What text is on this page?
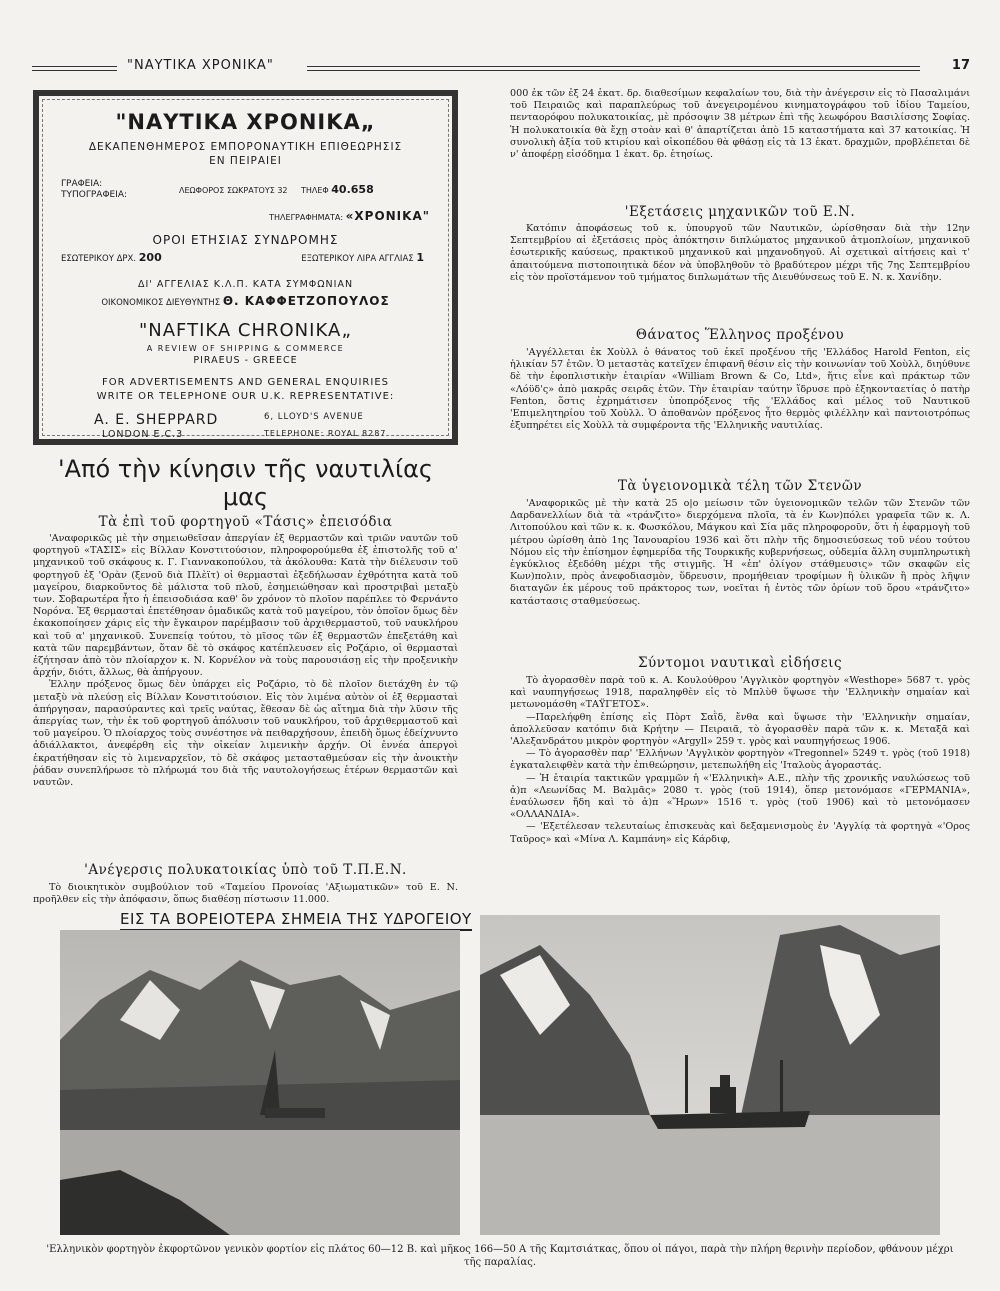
"ΝΑΥΤΙΚΑ ΧΡΟΝΙΚΑ"	17
"ΝΑΥΤΙΚΑ ΧΡΟΝΙΚΑ„
ΔΕΚΑΠΕΝΘΗΜΕΡΟΣ ΕΜΠΟΡΟΝΑΥΤΙΚΗ ΕΠΙΘΕΩΡΗΣΙΣ
ΕΝ ΠΕΙΡΑΙΕΙ
ΓΡΑΦΕΙΑ:
ΤΥΠΟΓΡΑΦΕΙΑ:	ΛΕΩΦΟΡΟΣ ΣΩΚΡΑΤΟΥΣ 32 ΤΗΛΕΦ 40.658
ΤΗΛΕΓΡΑΦΗΜΑΤΑ: «ΧΡΟΝΙΚΑ"
ΟΡΟΙ ΕΤΗΣΙΑΣ ΣΥΝΔΡΟΜΗΣ
ΕΣΩΤΕΡΙΚΟΥ ΔΡΧ. 200	ΕΞΩΤΕΡΙΚΟΥ ΛΙΡΑ ΑΓΓΛΙΑΣ 1
ΔΙ' ΑΓΓΕΛΙΑΣ Κ.Λ.Π. ΚΑΤΑ ΣΥΜΦΩΝΙΑΝ
ΟΙΚΟΝΟΜΙΚΟΣ ΔΙΕΥΘΥΝΤΗΣ Θ. ΚΑΦΦΕΤΖΟΠΟΥΛΟΣ
"NAFTIKA CHRONIKA„
A REVIEW OF SHIPPING & COMMERCE
PIRAEUS - GREECE
FOR ADVERTISEMENTS AND GENERAL ENQUIRIES
WRITE OR TELEPHONE OUR U.K. REPRESENTATIVE:
A. E. SHEPPARD	6, LLOYD'S AVENUE
LONDON E.C.3	TELEPHONE: ROYAL 8287
'Από τὴν κίνησιν τῆς ναυτιλίας μας
Τὰ ἐπὶ τοῦ φορτηγοῦ «Τάσις» ἐπεισόδια

'Αναφορικῶς μὲ τὴν σημειωθεῖσαν ἀπεργίαν ἐξ θερμαστῶν καὶ τριῶν ναυτῶν τοῦ φορτηγοῦ «ΤΑΣΙΣ» εἰς Βίλλαν Κονστιτούσιον, πληροφορούμεθα ἐξ ἐπιστολῆς τοῦ α' μηχανικοῦ τοῦ σκάφους κ. Γ. Γιαννακοπούλου, τὰ ἀκόλουθα: Κατὰ τὴν διέλευσιν τοῦ φορτηγοῦ ἐξ 'Ορὰν (ξενοῦ διὰ Πλὲϊτ) οἱ θερμασταὶ ἐξεδήλωσαν ἐχθρότητα κατὰ τοῦ μαγείρου, διαρκοῦντος δὲ μάλιστα τοῦ πλοῦ, ἐσημειώθησαν καὶ προστριβαὶ μεταξὺ των. Σοβαρωτέρα ἦτο ἡ ἐπεισοδιάσα καθ' ὃν χρόνον τὸ πλοῖον παρέπλεε τὸ Φερνάντο Νορόνα. Ἐξ θερμασταὶ ἐπετέθησαν ὁμαδικῶς κατὰ τοῦ μαγείρου, τὸν ὁποῖον ὅμως δὲν ἐκακοποίησεν χάρις εἰς τὴν ἔγκαιρον παρέμβασιν τοῦ ἀρχιθερμαστοῦ, τοῦ ναυκλήρου καὶ τοῦ α' μηχανικοῦ. Συνεπείᾳ τούτου, τὸ μῖσος τῶν ἐξ θερμαστῶν ἐπεξετάθη καὶ κατὰ τῶν παρεμβάντων, ὅταν δὲ τὸ σκάφος κατέπλευσεν εἰς Ροζάριο, οἱ θερμασταὶ ἐζήτησαν ἀπὸ τὸν πλοίαρχον κ. Ν. Κορνέλον νὰ τοὺς παρουσιάσῃ εἰς τὴν προξενικὴν ἀρχήν, διότι, ἄλλως, θὰ ἀπήργουν.

Ἐλλην πρόξενος ὅμως δὲν ὑπάρχει εἰς Ροζάριο, τὸ δὲ πλοῖον διετάχθη ἐν τῷ μεταξὺ νὰ πλεύσῃ εἰς Βίλλαν Κονστιτούσιον. Εἰς τὸν λιμένα αὐτὸν οἱ ἐξ θερμασταὶ ἀπήργησαν, παρασύραντες καὶ τρεῖς ναύτας, ἔθεσαν δὲ ὡς αἴτημα διὰ τὴν λῦσιν τῆς ἀπεργίας των, τὴν ἐκ τοῦ φορτηγοῦ ἀπόλυσιν τοῦ ναυκλήρου, τοῦ ἀρχιθερμαστοῦ καὶ τοῦ μαγείρου. Ὁ πλοίαρχος τοὺς συνέστησε νὰ πειθαρχήσουν, ἐπειδὴ ὅμως ἐδείχνυντο ἀδιάλλακτοι, ἀνεφέρθη εἰς τὴν οἰκείαν λιμενικὴν ἀρχήν. Οἱ ἐννέα ἀπεργοὶ ἐκρατήθησαν εἰς τὸ λιμεναρχεῖον, τὸ δὲ σκάφος μετασταθμεύσαν εἰς τὴν ἀνοικτὴν ῥάδαν συνεπλήρωσε τὸ πλήρωμά του διὰ τῆς ναυτολογήσεως ἑτέρων θερμαστῶν καὶ ναυτῶν.

'Ανέγερσις πολυκατοικίας ὑπὸ τοῦ Τ.Π.Ε.Ν.

Τὸ διοικητικὸν συμβούλιον τοῦ «Ταμείου Προνοίας 'Αξιωματικῶν» τοῦ Ε. Ν. προῆλθεν εἰς τὴν ἀπόφασιν, ὅπως διαθέσῃ πίστωσιν 11.000.

000 ἐκ τῶν ἐξ 24 ἑκατ. δρ. διαθεσίμων κεφαλαίων του, διὰ τὴν ἀνέγερσιν εἰς τὸ Πασαλιμάνι τοῦ Πειραιῶς καὶ παραπλεύρως τοῦ ἀνεγειρομένου κινηματογράφου τοῦ ἰδίου Ταμείου, πενταορόφου πολυκατοικίας, μὲ πρόσοψιν 38 μέτρων ἐπὶ τῆς λεωφόρου Βασιλίσσης Σοφίας. Ἡ πολυκατοικία θὰ ἔχῃ στοὰν καὶ θ' ἀπαρτίζεται ἀπὸ 15 καταστήματα καὶ 37 κατοικίας. Ἡ συνολικὴ ἀξία τοῦ κτιρίου καὶ οἰκοπέδου θὰ φθάσῃ εἰς τὰ 13 ἑκατ. δραχμῶν, προβλέπεται δὲ ν' ἀποφέρῃ εἰσόδημα 1 ἑκατ. δρ. ἐτησίως.

'Εξετάσεις μηχανικῶν τοῦ Ε.Ν.

Κατόπιν ἀποφάσεως τοῦ κ. ὑπουργοῦ τῶν Ναυτικῶν, ὡρίσθησαν διὰ τὴν 12ην Σεπτεμβρίου αἱ ἐξετάσεις πρὸς ἀπόκτησιν διπλώματος μηχανικοῦ ἀτμοπλοίων, μηχανικοῦ ἐσωτερικῆς καύσεως, πρακτικοῦ μηχανικοῦ καὶ μηχανοδηγοῦ. Αἱ σχετικαὶ αἰτήσεις καὶ τ' ἀπαιτούμενα πιστοποιητικὰ δέον νὰ ὑποβληθοῦν τὸ βραδύτερον μέχρι τῆς 7ης Σεπτεμβρίου εἰς τὸν προϊστάμενον τοῦ τμήματος διπλωμάτων τῆς Διευθύνσεως τοῦ Ε. Ν. κ. Χανίδην.

Θάνατος Ἕλληνος προξένου

'Αγγέλλεται ἐκ Χοὺλλ ὁ θάνατος τοῦ ἐκεῖ προξένου τῆς 'Ελλάδος Harold Fenton, εἰς ἡλικίαν 57 ἐτῶν. Ὁ μεταστὰς κατεῖχεν ἐπιφανῆ θέσιν εἰς τὴν κοινωνίαν τοῦ Χοὺλλ, διηύθυνε δὲ τὴν ἐφοπλιστικὴν ἑταιρίαν «William Brown & Co, Ltd», ἥτις εἶνε καὶ πράκτωρ τῶν «Λόϋδ'ς» ἀπὸ μακρᾶς σειρᾶς ἐτῶν. Τὴν ἑταιρίαν ταύτην ἵδρυσε πρὸ ἑξηκονταετίας ὁ πατὴρ Fenton, ὅστις ἐχρημάτισεν ὑποπρόξενος τῆς 'Ελλάδος καὶ μέλος τοῦ Ναυτικοῦ 'Επιμελητηρίου τοῦ Χοὺλλ. Ὁ ἀποθανὼν πρόξενος ἦτο θερμὸς φιλέλλην καὶ παντοιοτρόπως ἐξυπηρέτει εἰς Χοὺλλ τὰ συμφέροντα τῆς 'Ελληνικῆς ναυτιλίας.

Τὰ ὑγειονομικὰ τέλη τῶν Στενῶν

'Αναφορικῶς μὲ τὴν κατὰ 25 ο|ο μείωσιν τῶν ὑγειονομικῶν τελῶν τῶν Στενῶν τῶν Δαρδανελλίων διὰ τὰ «τράνζιτο» διερχόμενα πλοῖα, τὰ ἐν Κων)πόλει γραφεῖα τῶν κ. Λ. Λιτοπούλου καὶ τῶν κ. κ. Φωσκόλου, Μάγκου καὶ Σία μᾶς πληροφοροῦν, ὅτι ἡ ἐφαρμογὴ τοῦ μέτρου ὡρίσθη ἀπὸ 1ης Ἰανουαρίου 1936 καὶ ὅτι πλὴν τῆς δημοσιεύσεως τοῦ νέου τούτου Νόμου εἰς τὴν ἐπίσημον ἐφημερίδα τῆς Τουρκικῆς κυβερνήσεως, οὐδεμία ἄλλη συμπληρωτικὴ ἐγκύκλιος ἐξεδόθη μέχρι τῆς στιγμῆς. Ἡ «ἐπ' ὀλίγον στάθμευσις» τῶν σκαφῶν εἰς Κων)πολιν, πρὸς ἀνεφοδιασμὸν, ὕδρευσιν, προμήθειαν τροφίμων ἢ ὑλικῶν ἢ πρὸς λῆψιν διαταγῶν ἐκ μέρους τοῦ πράκτορος των, νοεῖται ἡ ἐντὸς τῶν ὁρίων τοῦ ὅρου «τράνζιτο» κατάστασις σταθμεύσεως.

Σύντομοι ναυτικαὶ εἰδήσεις

Τὸ ἀγορασθὲν παρὰ τοῦ κ. Α. Κουλούθρου 'Αγγλικὸν φορτηγὸν «Westhope» 5687 τ. γρὸς καὶ ναυπηγήσεως 1918, παραληφθὲν εἰς τὸ Μπλὺθ ὕψωσε τὴν 'Ελληνικὴν σημαίαν καὶ μετωνομάσθη «ΤΑΫΓΕΤΟΣ».

—Παρελήφθη ἐπίσης εἰς Πὸρτ Σαῒδ, ἔνθα καὶ ὕψωσε τὴν 'Ελληνικὴν σημαίαν, ἀπολλεῦσαν κατόπιν διὰ Κρήτην — Πειραιᾶ, τὸ ἀγορασθὲν παρὰ τῶν κ. κ. Μεταξᾶ καὶ 'Αλεξανδράτου μικρὸν φορτηγὸν «Argyll» 259 τ. γρὸς καὶ ναυπηγήσεως 1906.

— Τὸ ἀγορασθὲν παρ' 'Ελλήνων 'Αγγλικὸν φορτηγὸν «Tregonnel» 5249 τ. γρὸς (τοῦ 1918) ἐγκαταλειφθὲν κατὰ τὴν ἐπιθεώρησιν, μετεπωλήθη εἰς 'Ιταλοὺς ἀγοραστάς.

— Ἡ ἑταιρία τακτικῶν γραμμῶν ἡ «'Ελληνικὴ» Α.Ε., πλὴν τῆς χρονικῆς ναυλώσεως τοῦ ἀ)π «Λεωνίδας Μ. Βαλμᾶς» 2080 τ. γρὸς (τοῦ 1914), ὅπερ μετονόμασε «ΓΕΡΜΑΝΙΑ», ἐναύλωσεν ἤδη καὶ τὸ ἀ)π «Ἥρων» 1516 τ. γρὸς (τοῦ 1906) καὶ τὸ μετονόμασεν «ΟΛΛΑΝΔΙΑ».

— 'Εξετέλεσαν τελευταίως ἐπισκευὰς καὶ δεξαμενισμοὺς ἐν 'Αγγλίᾳ τὰ φορτηγὰ «'Ορος Ταῦρος» καὶ «Μίνα Λ. Καμπάνη» εἰς Κάρδιφ,

ΕΙΣ ΤΑ ΒΟΡΕΙΟΤΕΡΑ ΣΗΜΕΙΑ ΤΗΣ ΥΔΡΟΓΕΙΟΥ
'Ελληνικὸν φορτηγὸν ἐκφορτῶνον γενικὸν φορτίον εἰς πλάτος 60—12 Β. καὶ μῆκος 166—50 Α τῆς Καμτσιάτκας, ὅπου οἱ πάγοι, παρὰ τὴν πλήρη θερινὴν περίοδον, φθάνουν μέχρι τῆς παραλίας.
